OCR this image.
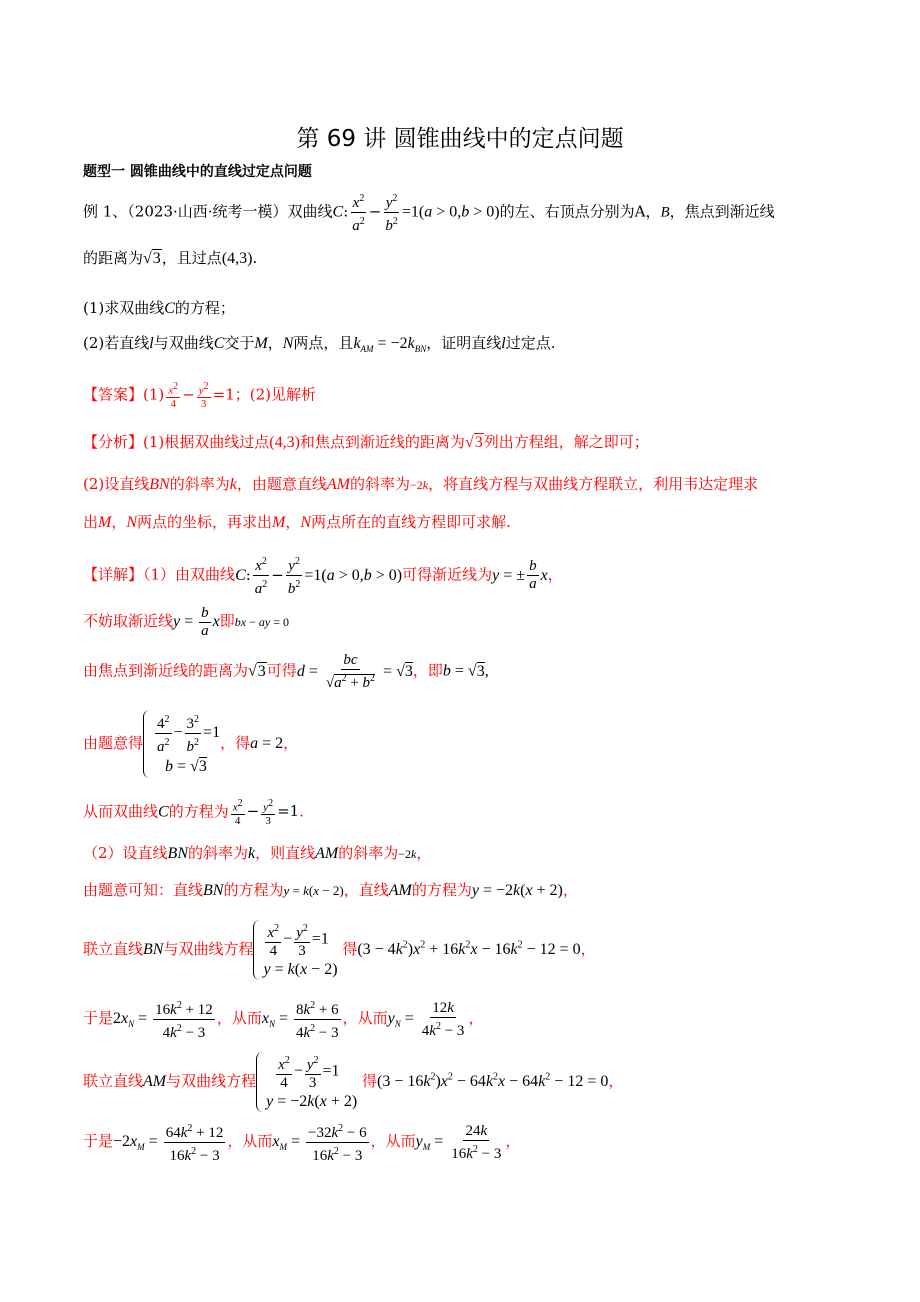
第 69 讲 圆锥曲线中的定点问题
题型一 圆锥曲线中的直线过定点问题
例 1、（2023·山西·统考一模）双曲线C: $\frac{x^2}{a^2} - \frac{y^2}{b^2} =1(a > 0,b > 0)$的左、右顶点分别为A，B，焦点到渐近线
的距离为√3，且过点(4,3).
(1)求双曲线C的方程；
(2)若直线l与双曲线C交于M，N两点，且$k_{AM} = -2k_{BN}$，证明直线l过定点.
【答案】$(1) \frac{x^2}{4} - \frac{y^2}{3} =1$；(2)见解析
【分析】(1)根据双曲线过点(4,3)和焦点到渐近线的距离为√3列出方程组，解之即可；
(2)设直线BN的斜率为k，由题意直线AM的斜率为−2k，将直线方程与双曲线方程联立，利用韦达定理求
出M，N两点的坐标，再求出M，N两点所在的直线方程即可求解.
【详解】（1）由双曲线C: $\frac{x^2}{a^2} - \frac{y^2}{b^2} =1(a > 0,b > 0)$可得渐近线为y = ± $\frac{b}{a}$ x，
不妨取渐近线$y = \frac{b}{a}$ x即bx − ay = 0
由焦点到渐近线的距离为√3可得$d = \frac{bc}{√a^2 + b^2} = √3$，即b = √3,
由题意得 $\frac{4^2}{a^2} - \frac{3^2}{b^2} =1$
b = √3
，得a = 2，
从而双曲线C的方程为 $\frac{x^2}{4} - \frac{y^2}{3} =1$.
（2）设直线BN的斜率为k，则直线AM的斜率为−2k，
由题意可知：直线BN的方程为y = k(x − 2)，直线AM的方程为y = −2k(x + 2)，
联立直线BN与双曲线方程 $\frac{x^2}{4} - \frac{y^2}{3} =1$
y = k(x − 2)
得$(3 - 4k^2)x^2 + 16k^2x - 16k^2 - 12 = 0$，
于是$2x_N = \frac{16k^2 + 12}{4k^2 - 3}$ ，从而$x_N = \frac{8k^2 + 6}{4k^2 - 3}$ ，从而$y_N = \frac{12k}{4k^2 - 3}$ ，
联立直线AM与双曲线方程 $\frac{x^2}{4} - \frac{y^2}{3} =1$
y = −2k(x + 2)
得$(3 - 16k^2)x^2 - 64k^2x - 64k^2 - 12 = 0$，
于是$-2x_M = \frac{64k^2 + 12}{16k^2 - 3}$ ，从而$x_M = \frac{-32k^2 - 6}{16k^2 - 3}$ ，从而$y_M = \frac{24k}{16k^2 - 3}$ ，
